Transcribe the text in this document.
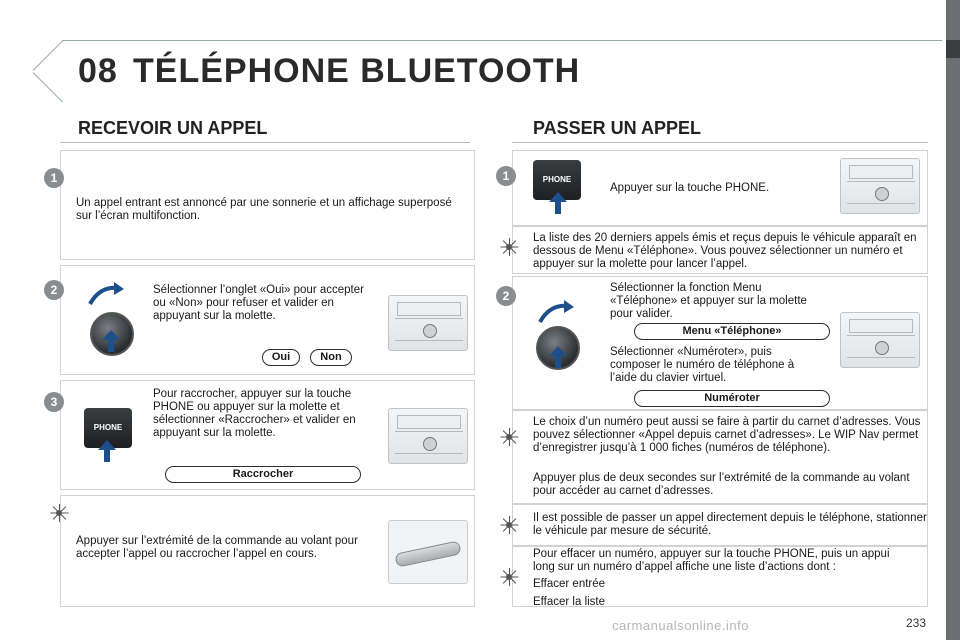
08 TÉLÉPHONE BLUETOOTH
RECEVOIR UN APPEL
1
Un appel entrant est annoncé par une sonnerie et un affichage superposé sur l’écran multifonction.
2	Sélectionner l’onglet «Oui» pour accepter ou «Non» pour refuser et valider en appuyant sur la molette.
Oui	Non
3
PHONE
Pour raccrocher, appuyer sur la touche PHONE ou appuyer sur la molette et sélectionner «Raccrocher» et valider en appuyant sur la molette.
Raccrocher
Appuyer sur l’extrémité de la commande au volant pour accepter l’appel ou raccrocher l’appel en cours.
PASSER UN APPEL
1	PHONE
Appuyer sur la touche PHONE.
La liste des 20 derniers appels émis et reçus depuis le véhicule apparaît en dessous de Menu «Téléphone». Vous pouvez sélectionner un numéro et appuyer sur la molette pour lancer l’appel.
2
Sélectionner la fonction Menu «Téléphone» et appuyer sur la molette pour valider.
Menu «Téléphone»
Sélectionner «Numéroter», puis composer le numéro de téléphone à l’aide du clavier virtuel.
Numéroter
Le choix d’un numéro peut aussi se faire à partir du carnet d’adresses. Vous pouvez sélectionner «Appel depuis carnet d’adresses». Le WIP Nav permet d’enregistrer jusqu’à 1 000 fiches (numéros de téléphone).
Appuyer plus de deux secondes sur l’extrémité de la commande au volant pour accéder au carnet d’adresses.
Il est possible de passer un appel directement depuis le téléphone, stationner le véhicule par mesure de sécurité.
Pour effacer un numéro, appuyer sur la touche PHONE, puis un appui long sur un numéro d’appel affiche une liste d’actions dont :
Effacer entrée
Effacer la liste
carmanualsonline.info	233
